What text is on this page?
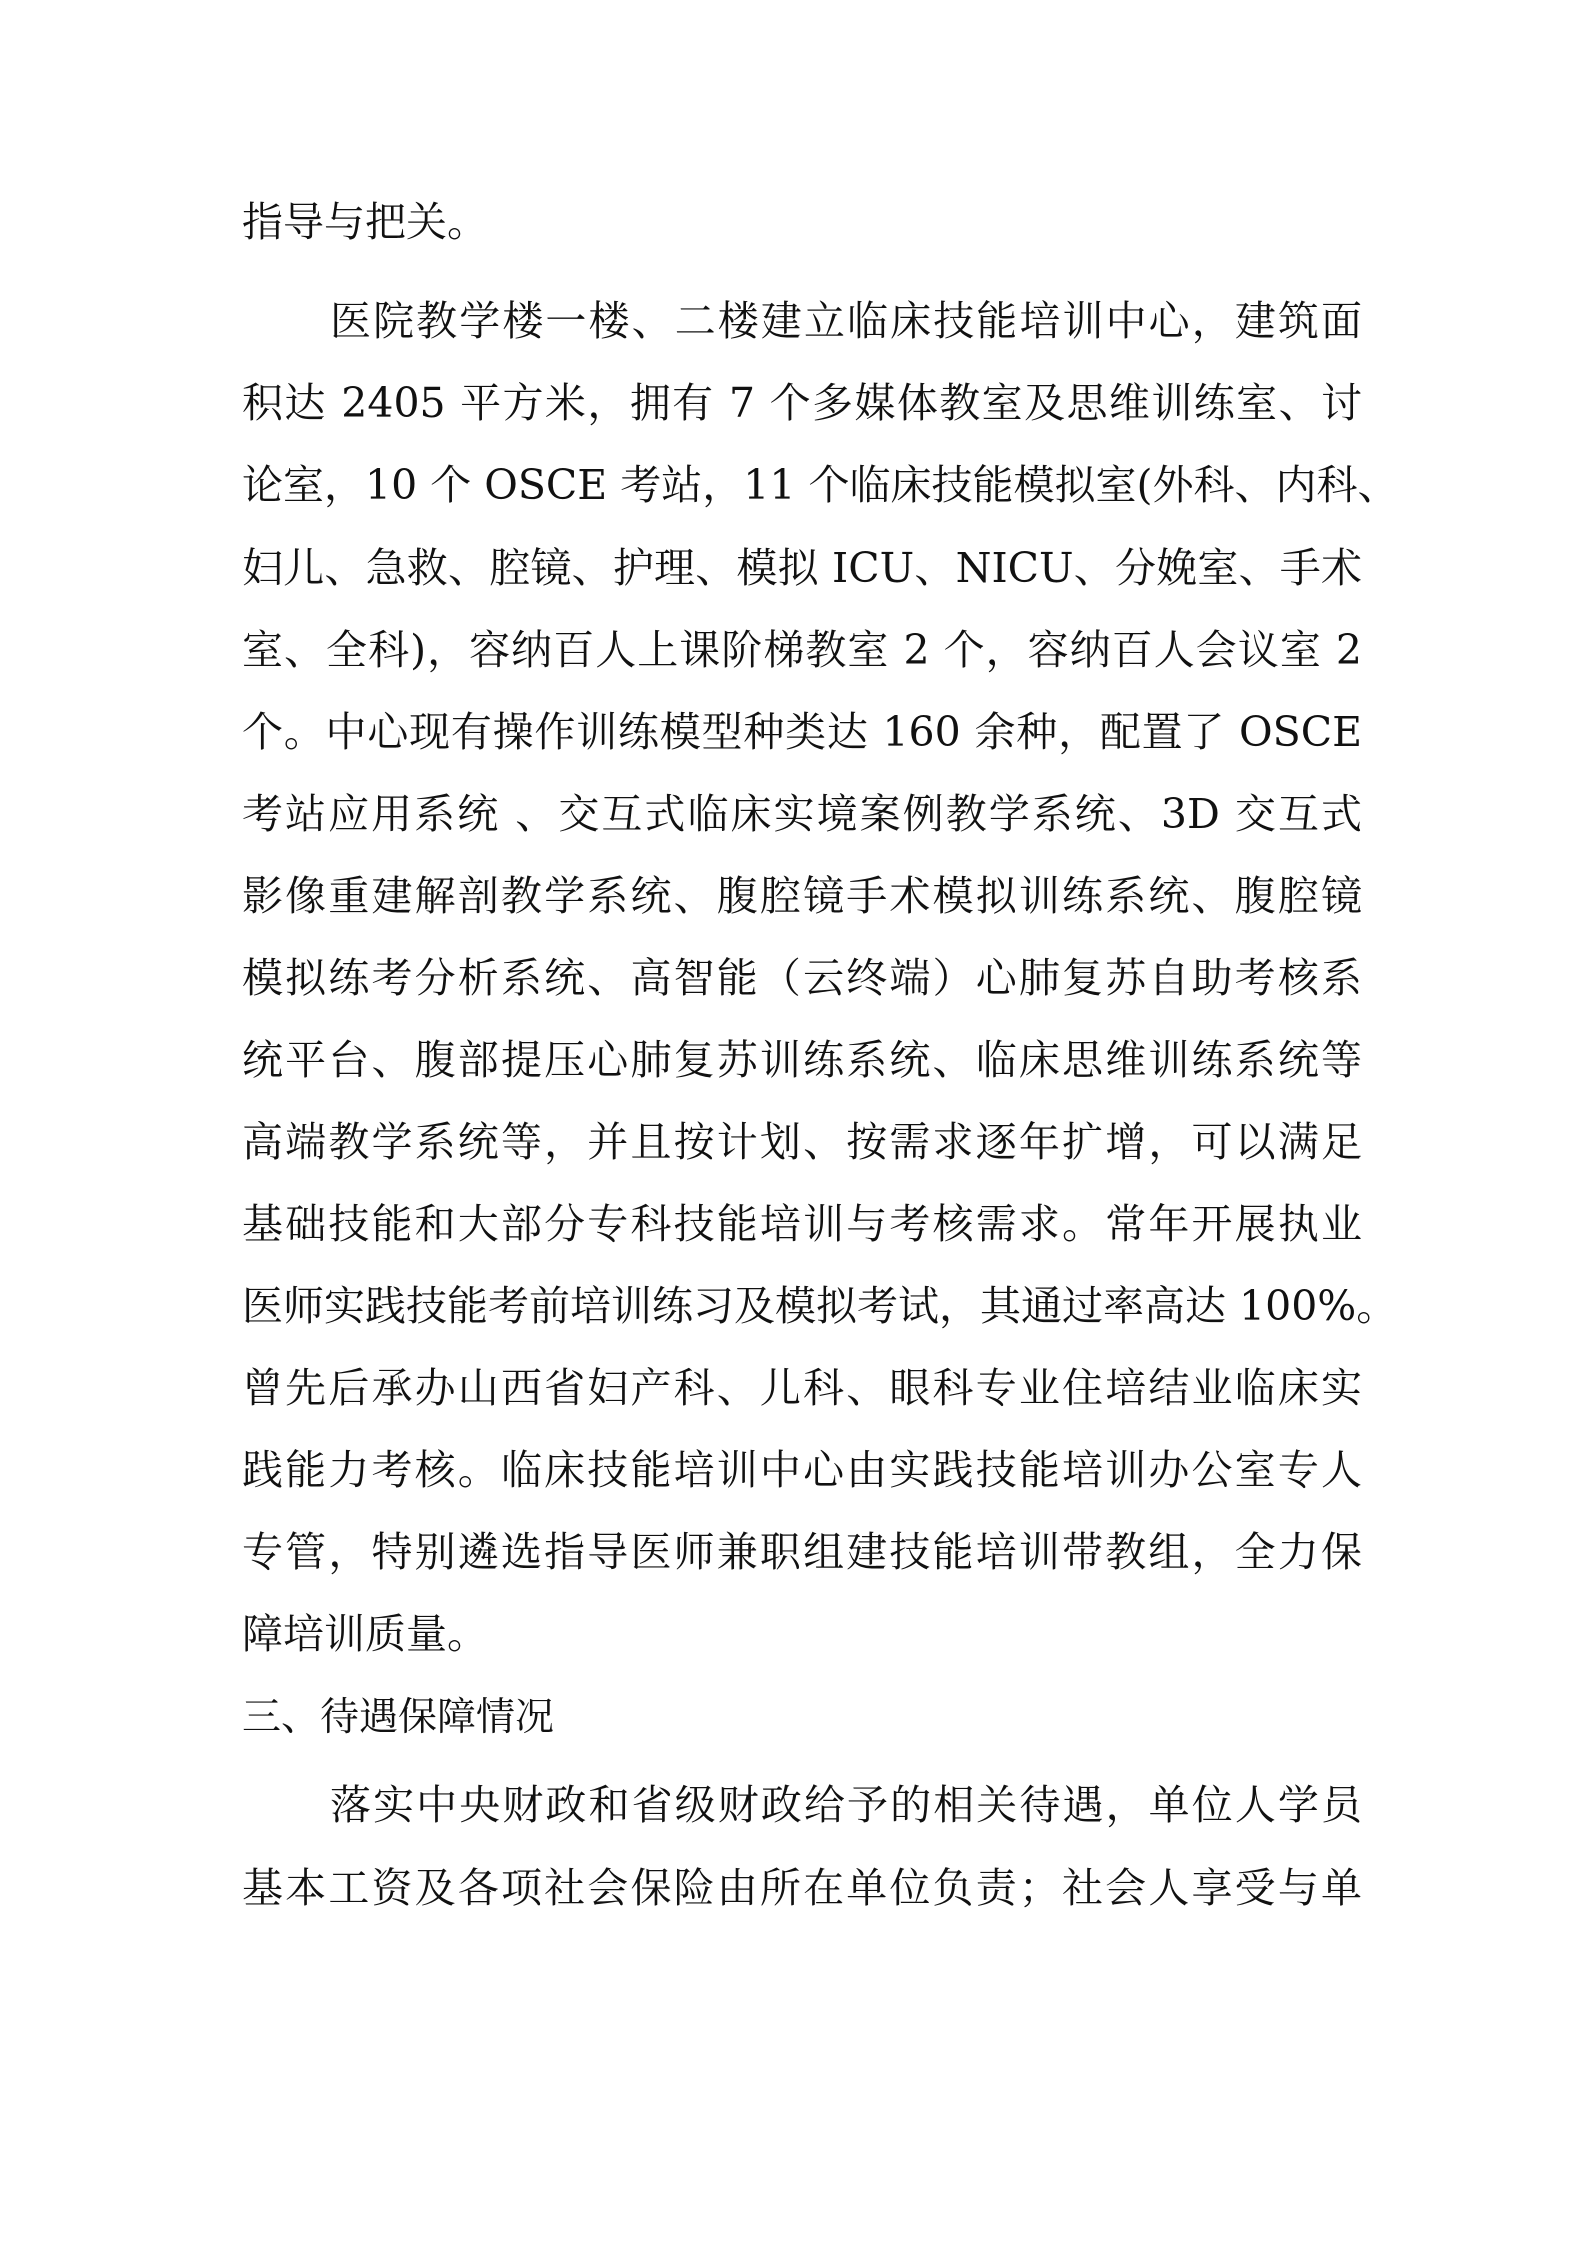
指导与把关。
医院教学楼一楼、二楼建立临床技能培训中心，建筑面
积达 2405 平方米，拥有 7 个多媒体教室及思维训练室、讨
论室，10 个 OSCE 考站，11 个临床技能模拟室(外科、内科、
妇儿、急救、腔镜、护理、模拟 ICU、NICU、分娩室、手术
室、全科)，容纳百人上课阶梯教室 2 个，容纳百人会议室 2
个。中心现有操作训练模型种类达 160 余种，配置了 OSCE
考站应用系统 、交互式临床实境案例教学系统、3D 交互式
影像重建解剖教学系统、腹腔镜手术模拟训练系统、腹腔镜
模拟练考分析系统、高智能（云终端）心肺复苏自助考核系
统平台、腹部提压心肺复苏训练系统、临床思维训练系统等
高端教学系统等，并且按计划、按需求逐年扩增，可以满足
基础技能和大部分专科技能培训与考核需求。常年开展执业
医师实践技能考前培训练习及模拟考试，其通过率高达 100%。
曾先后承办山西省妇产科、儿科、眼科专业住培结业临床实
践能力考核。临床技能培训中心由实践技能培训办公室专人
专管，特别遴选指导医师兼职组建技能培训带教组，全力保
障培训质量。
三、待遇保障情况
落实中央财政和省级财政给予的相关待遇，单位人学员
基本工资及各项社会保险由所在单位负责；社会人享受与单
